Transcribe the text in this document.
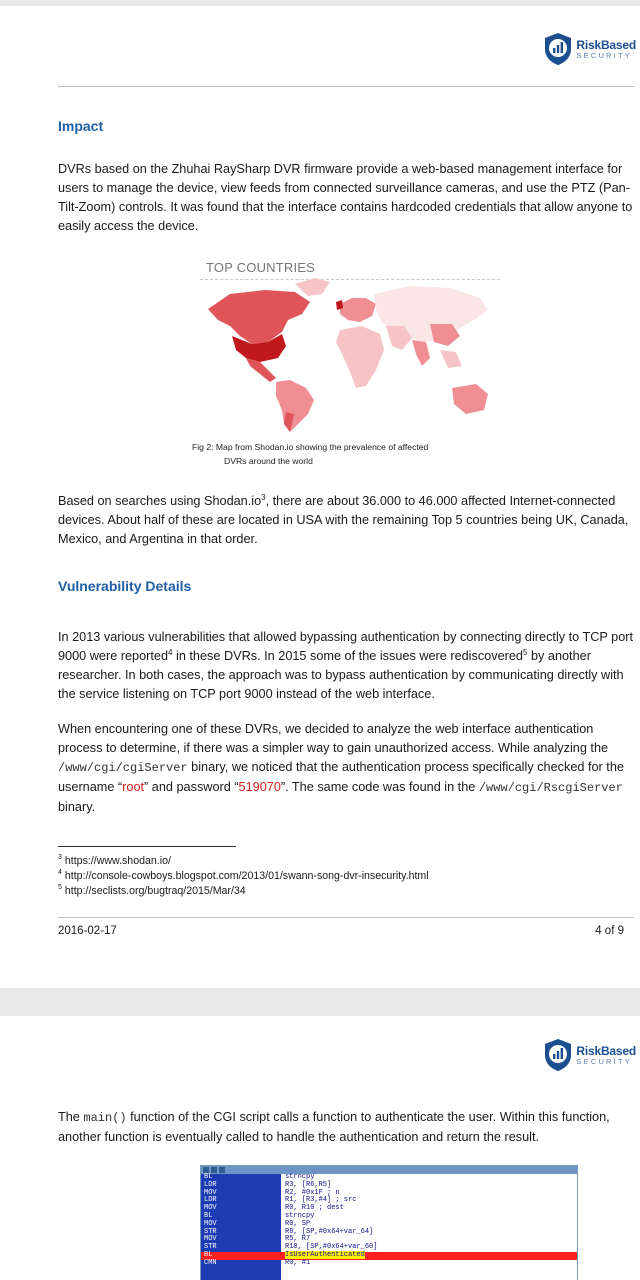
RiskBased
SECURITY
Impact
DVRs based on the Zhuhai RaySharp DVR firmware provide a web-based management interface for users to manage the device, view feeds from connected surveillance cameras, and use the PTZ (Pan-Tilt-Zoom) controls. It was found that the interface contains hardcoded credentials that allow anyone to easily access the device.
TOP COUNTRIES
Fig 2: Map from Shodan.io showing the prevalence of affected
DVRs around the world
Based on searches using $Shodan.io^3$, there are about 36.000 to 46.000 affected Internet-connected devices. About half of these are located in USA with the remaining Top 5 countries being UK, Canada, Mexico, and Argentina in that order.
Vulnerability Details
In 2013 various vulnerabilities that allowed bypassing authentication by connecting directly to TCP port 9000 were reported$^4$ in these DVRs. In 2015 some of the issues were rediscovered$^5$ by another researcher. In both cases, the approach was to bypass authentication by communicating directly with the service listening on TCP port 9000 instead of the web interface.
When encountering one of these DVRs, we decided to analyze the web interface authentication process to determine, if there was a simpler way to gain unauthorized access. While analyzing the /www/cgi/cgiServer binary, we noticed that the authentication process specifically checked for the username “root” and password “519070”. The same code was found in the /www/cgi/RscgiServer binary.
$^3$ https://www.shodan.io/
$^4$ http://console-cowboys.blogspot.com/2013/01/swann-song-dvr-insecurity.html
$^5$ http://seclists.org/bugtraq/2015/Mar/34
2016-02-17	4 of 9
RiskBased
SECURITY
The main() function of the CGI script calls a function to authenticate the user. Within this function, another function is eventually called to handle the authentication and return the result.
BL	strncpy
LDR	R3, [R6,R5]
MOV	R2, #0x1F ; n
LDR	R1, [R3,#4] ; src
MOV	R0, R10 ; dest
BL	strncpy
MOV	R0, SP
STR	R8, [SP,#0x64+var_64]
MOV	R5, R7
STR	R10, [SP,#0x64+var_60]
BL	IsUserAuthenticated
CMN	R0, #1
